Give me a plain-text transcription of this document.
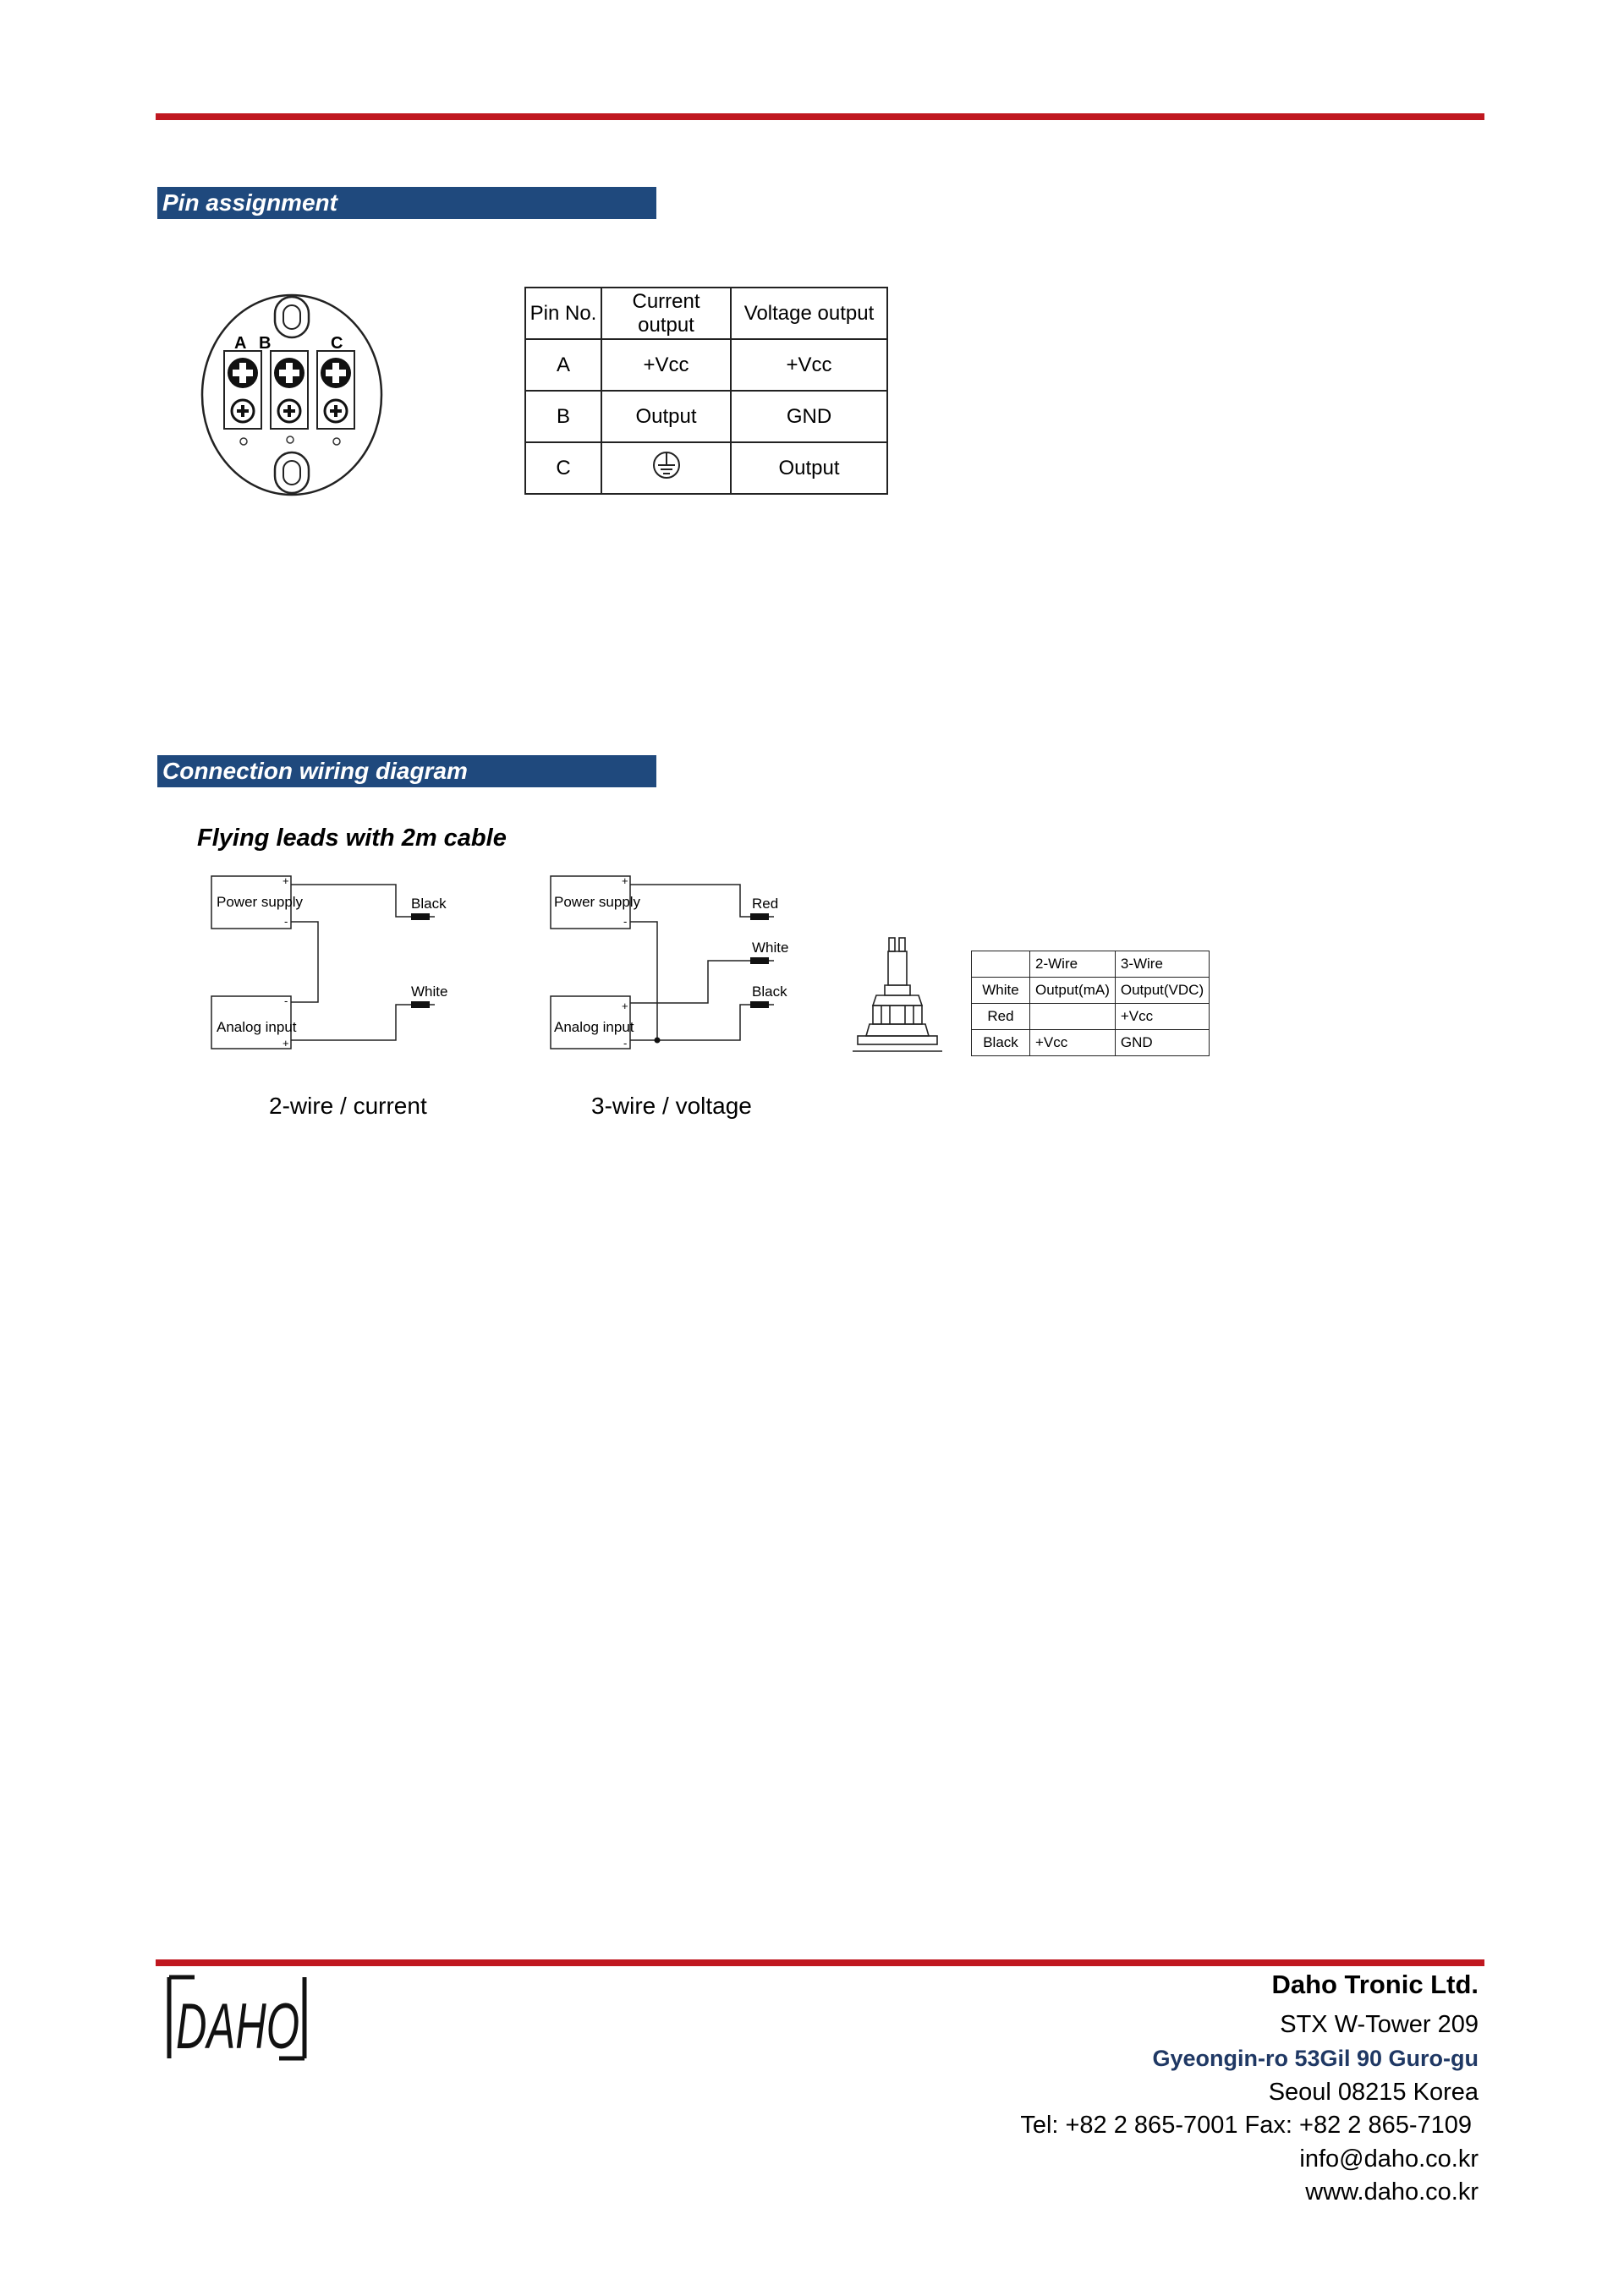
Pin assignment
A B	C
Pin No.	Current output	Voltage output
A	+Vcc	+Vcc
B	Output	GND
C		Output
Connection wiring diagram
Flying leads with 2m cable
Power supply
Analog input
+
-
-
+
Black
White
2-wire / current
Power supply
Analog input
+
-
+
-
Red
White
Black
3-wire / voltage
	2-Wire	3-Wire
White	Output(mA)	Output(VDC)
Red		+Vcc
Black	+Vcc	GND
DAHO
Daho Tronic Ltd.
STX W-Tower 209
Gyeongin-ro 53Gil 90 Guro-gu
Seoul 08215 Korea
Tel: +82 2 865-7001 Fax: +82 2 865-7109
info@daho.co.kr
www.daho.co.kr
